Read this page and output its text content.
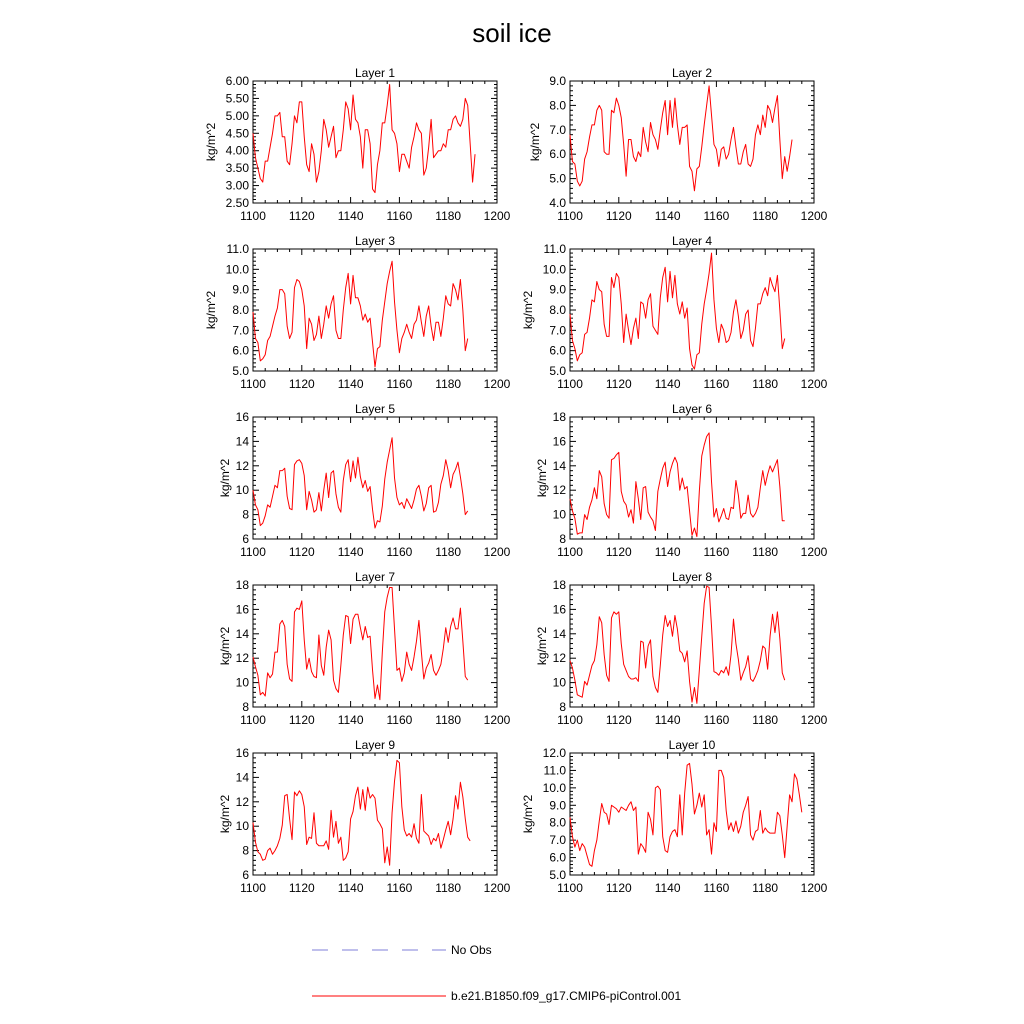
soil ice
Layer 1
1100 1120 1140 1160 1180 1200
2.50
3.00
3.50
4.00
4.50
5.00
5.50
6.00
kg/m^2
Layer 2
1100 1120 1140 1160 1180 1200
4.0
5.0
6.0
7.0
8.0
9.0
kg/m^2
Layer 3
1100 1120 1140 1160 1180 1200
5.0
6.0
7.0
8.0
9.0
10.0
11.0
kg/m^2
Layer 4
1100 1120 1140 1160 1180 1200
5.0
6.0
7.0
8.0
9.0
10.0
11.0
kg/m^2
Layer 5
1100 1120 1140 1160 1180 1200
6
8
10
12
14
16
kg/m^2
Layer 6
1100 1120 1140 1160 1180 1200
8
10
12
14
16
18
kg/m^2
Layer 7
1100 1120 1140 1160 1180 1200
8
10
12
14
16
18
kg/m^2
Layer 8
1100 1120 1140 1160 1180 1200
8
10
12
14
16
18
kg/m^2
Layer 9
1100 1120 1140 1160 1180 1200
6
8
10
12
14
16
kg/m^2
Layer 10
1100 1120 1140 1160 1180 1200
5.0
6.0
7.0
8.0
9.0
10.0
11.0
12.0
kg/m^2
No Obs
b.e21.B1850.f09_g17.CMIP6-piControl.001
